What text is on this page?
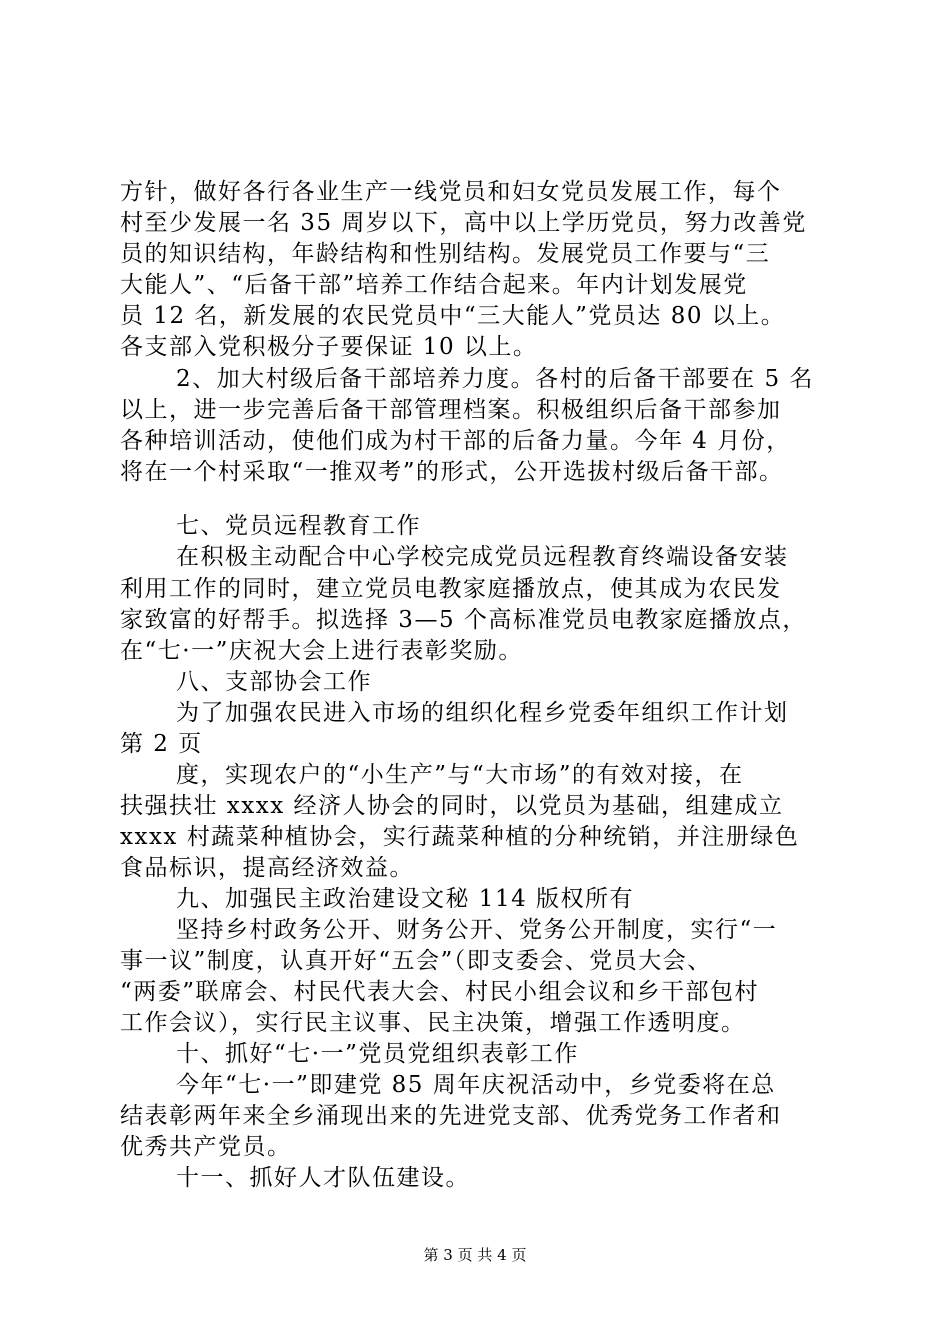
方针，做好各行各业生产一线党员和妇女党员发展工作，每个
村至少发展一名 35 周岁以下，高中以上学历党员，努力改善党
员的知识结构，年龄结构和性别结构。发展党员工作要与“三
大能人”、“后备干部”培养工作结合起来。年内计划发展党
员 12 名，新发展的农民党员中“三大能人”党员达 80 以上。
各支部入党积极分子要保证 10 以上。
2、加大村级后备干部培养力度。各村的后备干部要在 5 名
以上，进一步完善后备干部管理档案。积极组织后备干部参加
各种培训活动，使他们成为村干部的后备力量。今年 4 月份，
将在一个村采取“一推双考”的形式，公开选拔村级后备干部。
七、党员远程教育工作
在积极主动配合中心学校完成党员远程教育终端设备安装
利用工作的同时，建立党员电教家庭播放点，使其成为农民发
家致富的好帮手。拟选择 3—5 个高标准党员电教家庭播放点，
在“七·一”庆祝大会上进行表彰奖励。
八、支部协会工作
为了加强农民进入市场的组织化程乡党委年组织工作计划
第 2 页
度，实现农户的“小生产”与“大市场”的有效对接，在
扶强扶壮 xxxx 经济人协会的同时，以党员为基础，组建成立
xxxx 村蔬菜种植协会，实行蔬菜种植的分种统销，并注册绿色
食品标识，提高经济效益。
九、加强民主政治建设文秘 114 版权所有
坚持乡村政务公开、财务公开、党务公开制度，实行“一
事一议”制度，认真开好“五会”（即支委会、党员大会、
“两委”联席会、村民代表大会、村民小组会议和乡干部包村
工作会议），实行民主议事、民主决策，增强工作透明度。
十、抓好“七·一”党员党组织表彰工作
今年“七·一”即建党 85 周年庆祝活动中，乡党委将在总
结表彰两年来全乡涌现出来的先进党支部、优秀党务工作者和
优秀共产党员。
十一、抓好人才队伍建设。
第 3 页 共 4 页
